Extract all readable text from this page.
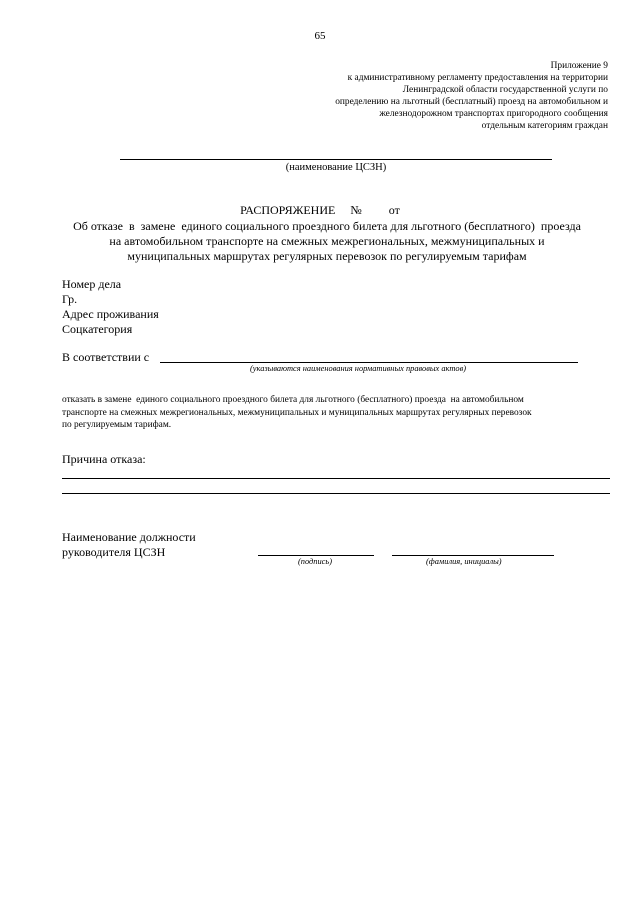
65
Приложение 9
к административному регламенту предоставления на территории
Ленинградской области государственной услуги по
определению на льготный (бесплатный) проезд на автомобильном и
железнодорожном транспортах пригородного сообщения
отдельным категориям граждан
(наименование ЦСЗН)
РАСПОРЯЖЕНИЕ     №         от
Об отказе  в  замене  единого социального проездного билета для льготного (бесплатного)  проезда
на автомобильном транспорте на смежных межрегиональных, межмуниципальных и
муниципальных маршрутах регулярных перевозок по регулируемым тарифам
Номер дела
Гр.
Адрес проживания
Соцкатегория
В соответствии с
(указываются наименования нормативных правовых актов)
отказать в замене  единого социального проездного билета для льготного (бесплатного) проезда  на автомобильном
транспорте на смежных межрегиональных, межмуниципальных и муниципальных маршрутах регулярных перевозок
по регулируемым тарифам.
Причина отказа:
Наименование должности
руководителя ЦСЗН
(подпись)	(фамилия, инициалы)
